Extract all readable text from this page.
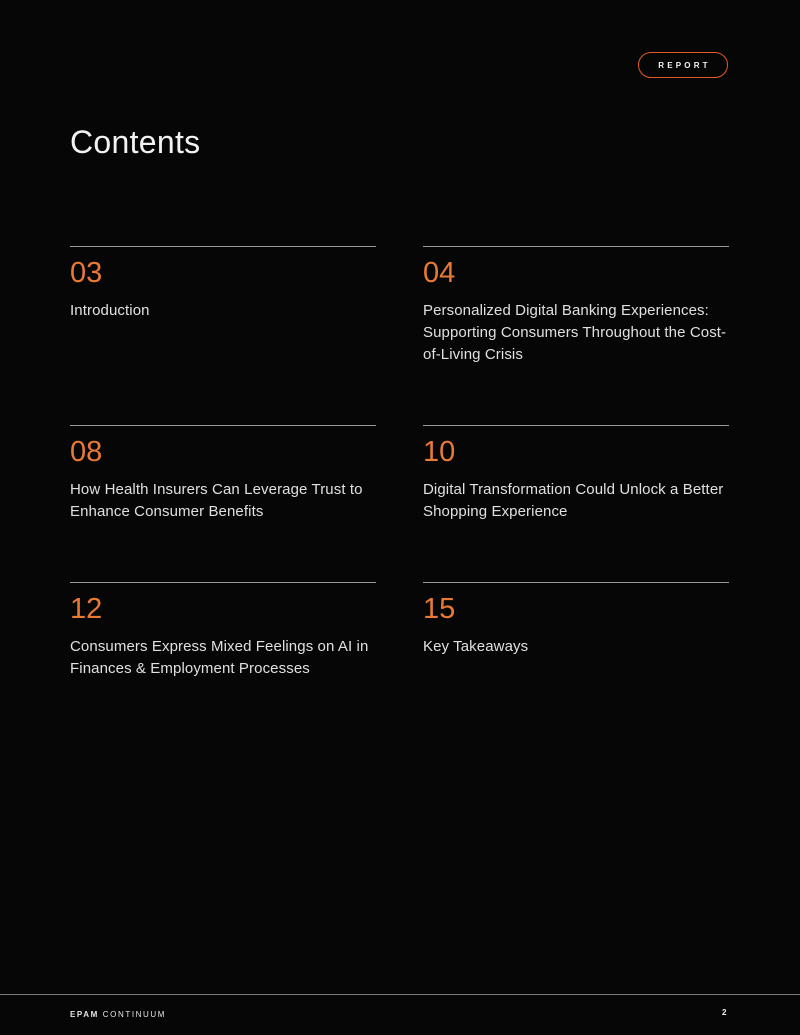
REPORT
Contents
03
Introduction
04
Personalized Digital Banking Experiences: Supporting Consumers Throughout the Cost-of-Living Crisis
08
How Health Insurers Can Leverage Trust to Enhance Consumer Benefits
10
Digital Transformation Could Unlock a Better Shopping Experience
12
Consumers Express Mixed Feelings on AI in Finances & Employment Processes
15
Key Takeaways
EPAM CONTINUUM	2
